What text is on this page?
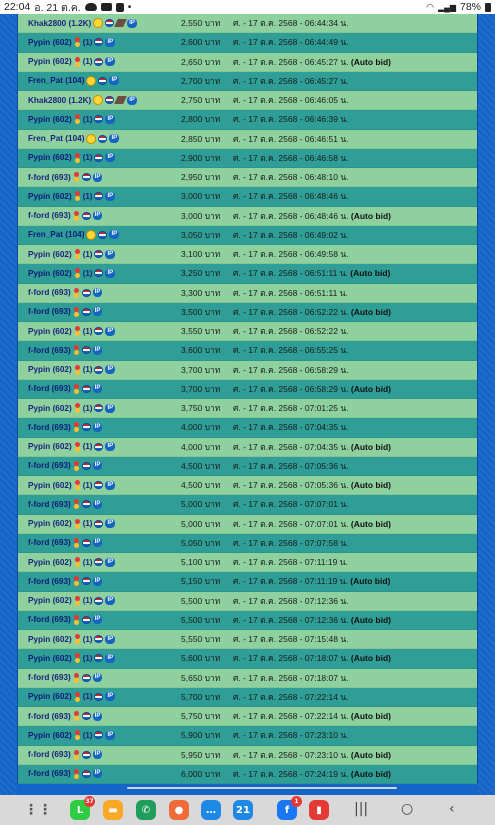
22:04 อ. 21 ต.ค.	•	◠ ▂▄▆ 78%
Khak2800 (1.2K)	IP	2,550 บาท	ศ. - 17 ต.ค. 2568 - 06:44:34 น.
Pypin (602) (1)	IP	2,600 บาท	ศ. - 17 ต.ค. 2568 - 06:44:49 น.
Pypin (602) (1)	IP	2,650 บาท	ศ. - 17 ต.ค. 2568 - 06:45:27 น. (Auto bid)
Fren_Pat (104)	IP	2,700 บาท	ศ. - 17 ต.ค. 2568 - 06:45:27 น.
Khak2800 (1.2K)	IP	2,750 บาท	ศ. - 17 ต.ค. 2568 - 06:46:05 น.
Pypin (602) (1)	IP	2,800 บาท	ศ. - 17 ต.ค. 2568 - 06:46:39 น.
Fren_Pat (104)	IP	2,850 บาท	ศ. - 17 ต.ค. 2568 - 06:46:51 น.
Pypin (602) (1)	IP	2,900 บาท	ศ. - 17 ต.ค. 2568 - 06:46:58 น.
f-ford (693)	IP	2,950 บาท	ศ. - 17 ต.ค. 2568 - 06:48:10 น.
Pypin (602) (1)	IP	3,000 บาท	ศ. - 17 ต.ค. 2568 - 06:48:46 น.
f-ford (693)	IP	3,000 บาท	ศ. - 17 ต.ค. 2568 - 06:48:46 น. (Auto bid)
Fren_Pat (104)	IP	3,050 บาท	ศ. - 17 ต.ค. 2568 - 06:49:02 น.
Pypin (602) (1)	IP	3,100 บาท	ศ. - 17 ต.ค. 2568 - 06:49:58 น.
Pypin (602) (1)	IP	3,250 บาท	ศ. - 17 ต.ค. 2568 - 06:51:11 น. (Auto bid)
f-ford (693)	IP	3,300 บาท	ศ. - 17 ต.ค. 2568 - 06:51:11 น.
f-ford (693)	IP	3,500 บาท	ศ. - 17 ต.ค. 2568 - 06:52:22 น. (Auto bid)
Pypin (602) (1)	IP	3,550 บาท	ศ. - 17 ต.ค. 2568 - 06:52:22 น.
f-ford (693)	IP	3,600 บาท	ศ. - 17 ต.ค. 2568 - 06:55:25 น.
Pypin (602) (1)	IP	3,700 บาท	ศ. - 17 ต.ค. 2568 - 06:58:29 น.
f-ford (693)	IP	3,700 บาท	ศ. - 17 ต.ค. 2568 - 06:58:29 น. (Auto bid)
Pypin (602) (1)	IP	3,750 บาท	ศ. - 17 ต.ค. 2568 - 07:01:25 น.
f-ford (693)	IP	4,000 บาท	ศ. - 17 ต.ค. 2568 - 07:04:35 น.
Pypin (602) (1)	IP	4,000 บาท	ศ. - 17 ต.ค. 2568 - 07:04:35 น. (Auto bid)
f-ford (693)	IP	4,500 บาท	ศ. - 17 ต.ค. 2568 - 07:05:36 น.
Pypin (602) (1)	IP	4,500 บาท	ศ. - 17 ต.ค. 2568 - 07:05:36 น. (Auto bid)
f-ford (693)	IP	5,000 บาท	ศ. - 17 ต.ค. 2568 - 07:07:01 น.
Pypin (602) (1)	IP	5,000 บาท	ศ. - 17 ต.ค. 2568 - 07:07:01 น. (Auto bid)
f-ford (693)	IP	5,050 บาท	ศ. - 17 ต.ค. 2568 - 07:07:58 น.
Pypin (602) (1)	IP	5,100 บาท	ศ. - 17 ต.ค. 2568 - 07:11:19 น.
f-ford (693)	IP	5,150 บาท	ศ. - 17 ต.ค. 2568 - 07:11:19 น. (Auto bid)
Pypin (602) (1)	IP	5,500 บาท	ศ. - 17 ต.ค. 2568 - 07:12:36 น.
f-ford (693)	IP	5,500 บาท	ศ. - 17 ต.ค. 2568 - 07:12:36 น. (Auto bid)
Pypin (602) (1)	IP	5,550 บาท	ศ. - 17 ต.ค. 2568 - 07:15:48 น.
Pypin (602) (1)	IP	5,600 บาท	ศ. - 17 ต.ค. 2568 - 07:18:07 น. (Auto bid)
f-ford (693)	IP	5,650 บาท	ศ. - 17 ต.ค. 2568 - 07:18:07 น.
Pypin (602) (1)	IP	5,700 บาท	ศ. - 17 ต.ค. 2568 - 07:22:14 น.
f-ford (693)	IP	5,750 บาท	ศ. - 17 ต.ค. 2568 - 07:22:14 น. (Auto bid)
Pypin (602) (1)	IP	5,900 บาท	ศ. - 17 ต.ค. 2568 - 07:23:10 น.
f-ford (693)	IP	5,950 บาท	ศ. - 17 ต.ค. 2568 - 07:23:10 น. (Auto bid)
f-ford (693)	IP	6,000 บาท	ศ. - 17 ต.ค. 2568 - 07:24:19 น. (Auto bid)
⋮⋮ L
37
▬ ✆ ● … 21	f
1
▮ ||| ○	‹
